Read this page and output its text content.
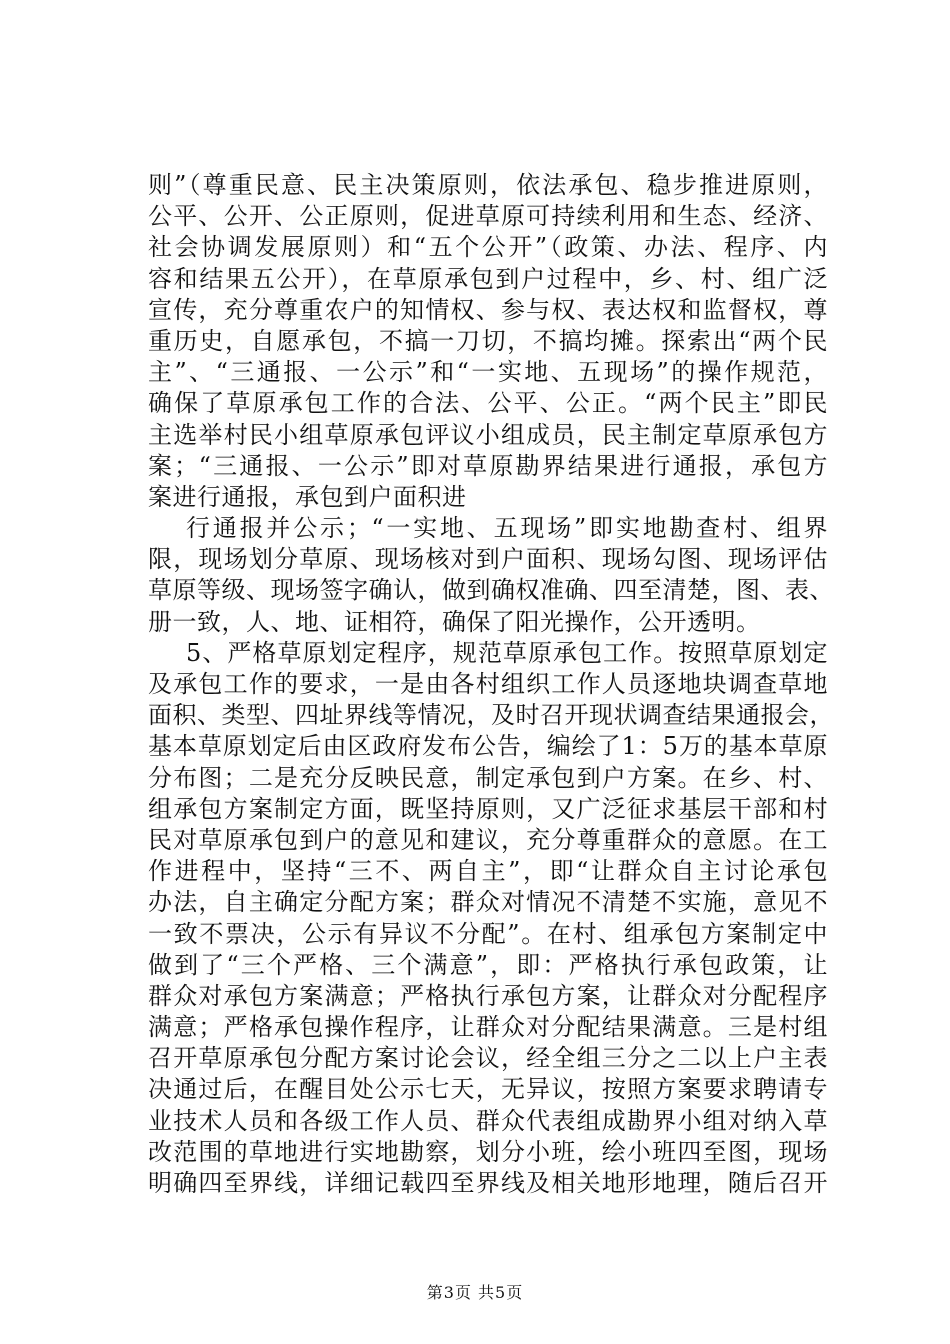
则”（尊重民意、民主决策原则，依法承包、稳步推进原则，
公平、公开、公正原则，促进草原可持续利用和生态、经济、
社会协调发展原则）和“五个公开”（政策、办法、程序、内
容和结果五公开），在草原承包到户过程中，乡、村、组广泛
宣传，充分尊重农户的知情权、参与权、表达权和监督权，尊
重历史，自愿承包，不搞一刀切，不搞均摊。探索出“两个民
主”、“三通报、一公示”和“一实地、五现场”的操作规范，
确保了草原承包工作的合法、公平、公正。“两个民主”即民
主选举村民小组草原承包评议小组成员，民主制定草原承包方
案；“三通报、一公示”即对草原勘界结果进行通报，承包方
案进行通报，承包到户面积进
行通报并公示；“一实地、五现场”即实地勘查村、组界
限，现场划分草原、现场核对到户面积、现场勾图、现场评估
草原等级、现场签字确认，做到确权准确、四至清楚，图、表、
册一致，人、地、证相符，确保了阳光操作，公开透明。
5、严格草原划定程序，规范草原承包工作。按照草原划定
及承包工作的要求，一是由各村组织工作人员逐地块调查草地
面积、类型、四址界线等情况，及时召开现状调查结果通报会，
基本草原划定后由区政府发布公告，编绘了1：5万的基本草原
分布图；二是充分反映民意，制定承包到户方案。在乡、村、
组承包方案制定方面，既坚持原则，又广泛征求基层干部和村
民对草原承包到户的意见和建议，充分尊重群众的意愿。在工
作进程中，坚持“三不、两自主”，即“让群众自主讨论承包
办法，自主确定分配方案；群众对情况不清楚不实施，意见不
一致不票决，公示有异议不分配”。在村、组承包方案制定中
做到了“三个严格、三个满意”，即：严格执行承包政策，让
群众对承包方案满意；严格执行承包方案，让群众对分配程序
满意；严格承包操作程序，让群众对分配结果满意。三是村组
召开草原承包分配方案讨论会议，经全组三分之二以上户主表
决通过后，在醒目处公示七天，无异议，按照方案要求聘请专
业技术人员和各级工作人员、群众代表组成勘界小组对纳入草
改范围的草地进行实地勘察，划分小班，绘小班四至图，现场
明确四至界线，详细记载四至界线及相关地形地理，随后召开
第3页 共5页
